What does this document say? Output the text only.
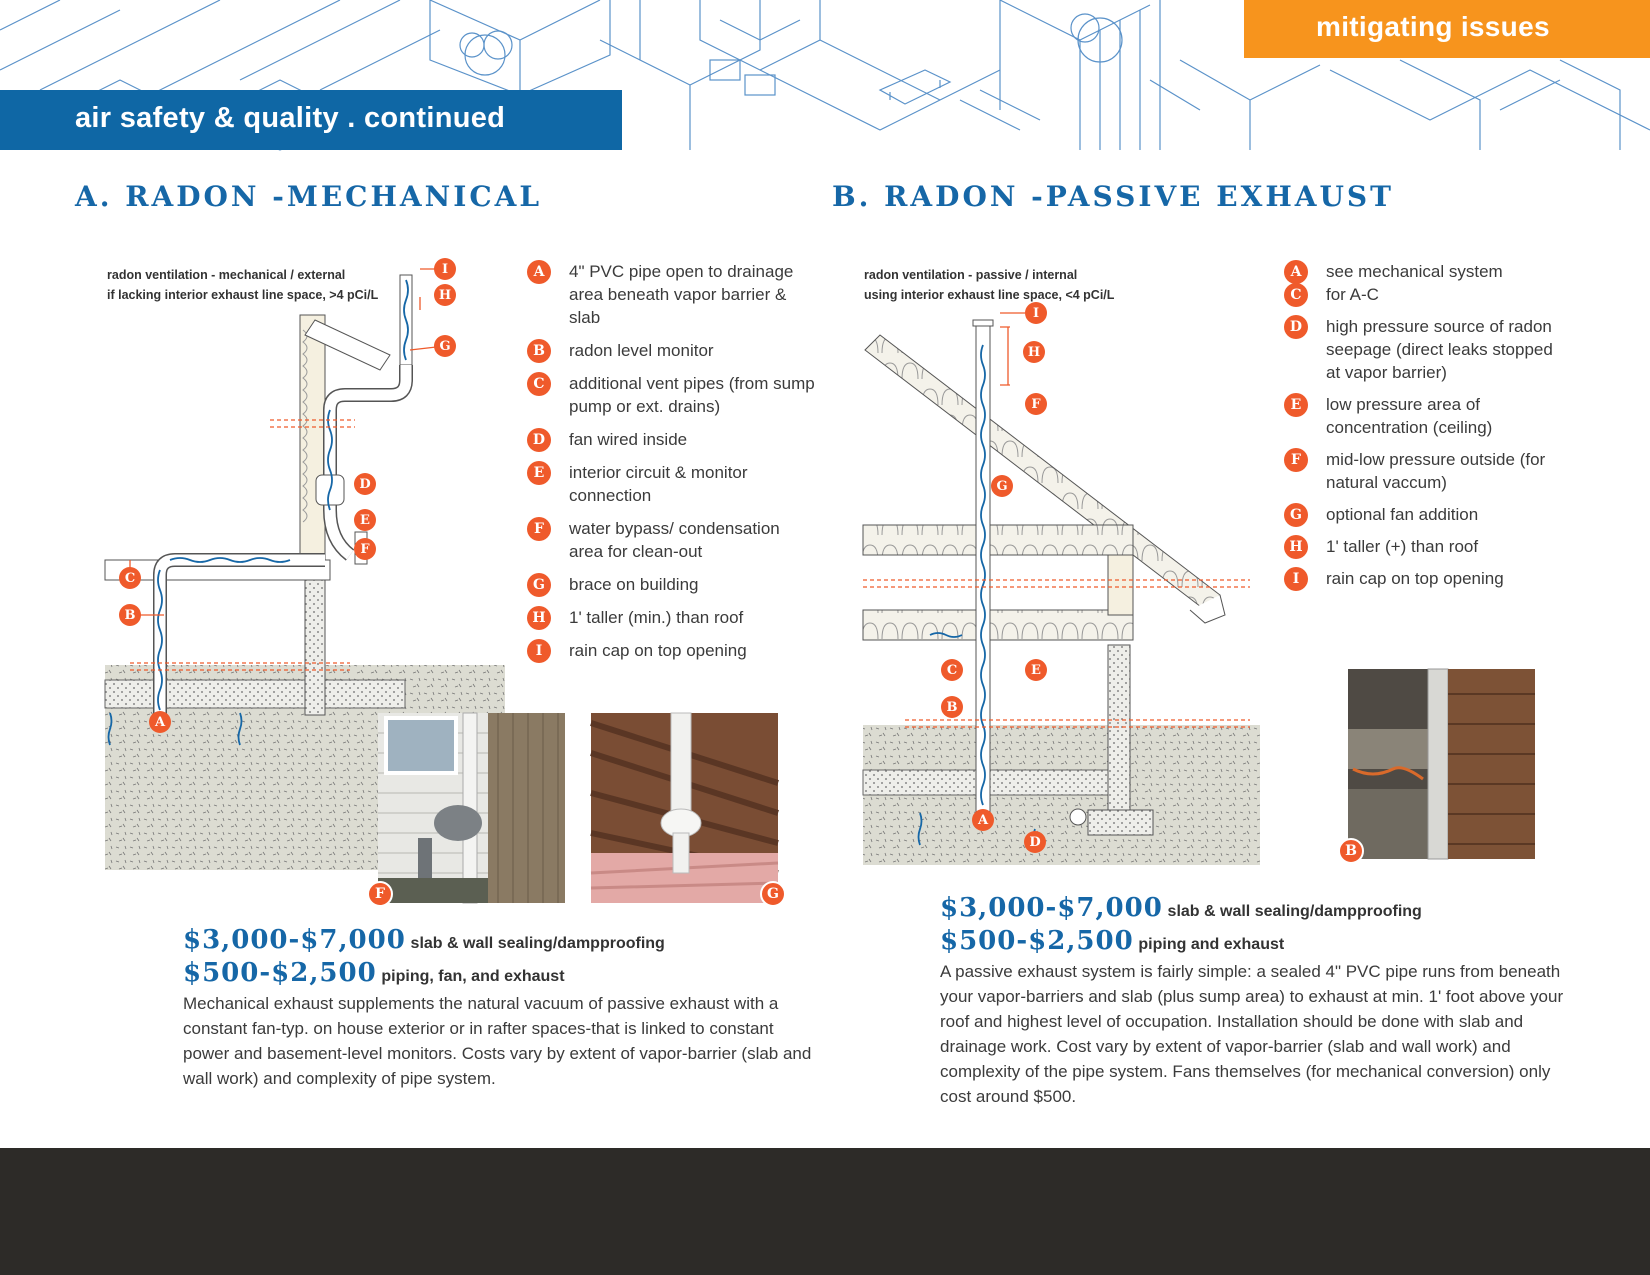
air safety & quality . continued
mitigating issues
A. RADON -MECHANICAL
radon ventilation - mechanical / external
if lacking interior exhaust line space, >4 pCi/L
I
H
G
D
E
F
C
B
A
A	4" PVC pipe open to drainage area beneath vapor barrier & slab
B	radon level monitor
C	additional vent pipes (from sump pump or ext. drains)
D	fan wired inside
E	interior circuit & monitor connection
F	water bypass/ condensation area for clean-out
G	brace on building
H	1' taller (min.) than roof
I	rain cap on top opening
F	G
$3,000-$7,000 slab & wall sealing/dampproofing
$500-$2,500 piping, fan, and exhaust

Mechanical exhaust supplements the natural vacuum of passive exhaust with a constant fan-typ. on house exterior or in rafter spaces-that is linked to constant power and basement-level monitors. Costs vary by extent of vapor-barrier (slab and wall work) and complexity of pipe system.

B. RADON -PASSIVE EXHAUST
radon ventilation - passive / internal
using interior exhaust line space, <4 pCi/L
I
H
F
G
C	E
B
A
D
A	see mechanical system
C	for A-C
D	high pressure source of radon seepage (direct leaks stopped at vapor barrier)
E	low pressure area of concentration (ceiling)
F	mid-low pressure outside (for natural vaccum)
G	optional fan addition
H	1' taller (+) than roof
I	rain cap on top opening
B
$3,000-$7,000 slab & wall sealing/dampproofing
$500-$2,500 piping and exhaust

A passive exhaust system is fairly simple: a sealed 4" PVC pipe runs from beneath your vapor-barriers and slab (plus sump area) to exhaust at min. 1' foot above your roof and highest level of occupation. Installation should be done with slab and drainage work. Cost vary by extent of vapor-barrier (slab and wall work) and complexity of the pipe system. Fans themselves (for mechanical conversion) only cost around $500.
